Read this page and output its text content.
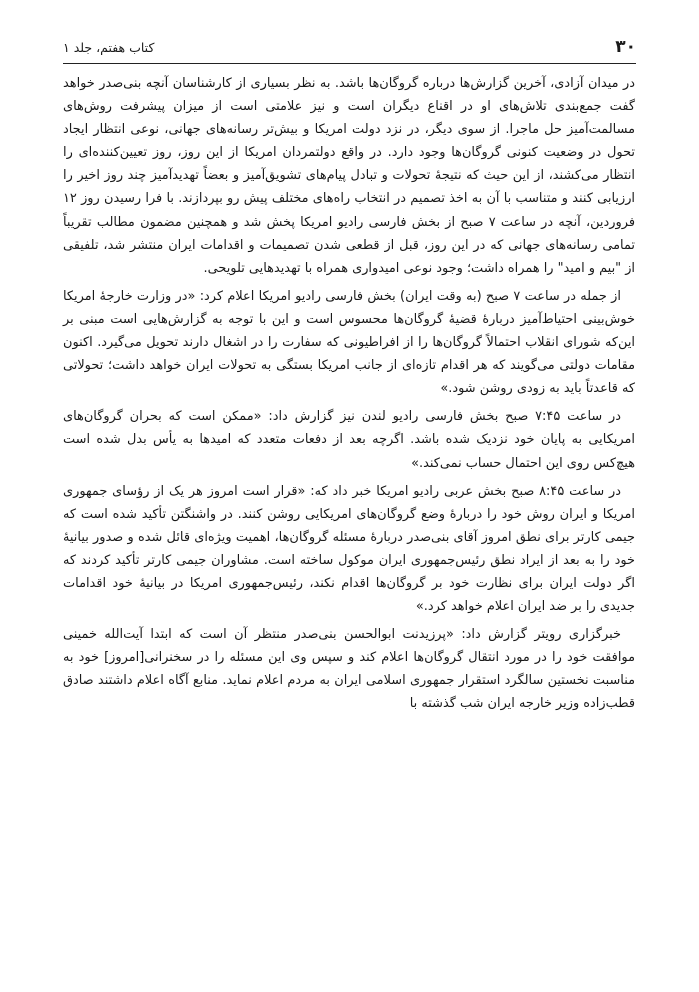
۳۰
کتاب هفتم، جلد ۱

در میدان آزادی، آخرین گزارش‌ها درباره گروگان‌ها باشد. به نظر بسیاری از کارشناسان آنچه بنی‌صدر خواهد گفت جمع‌بندی تلاش‌های او در اقناع دیگران است و نیز علامتی است از میزان پیشرفت روش‌های مسالمت‌آمیز حل ماجرا. از سوی دیگر، در نزد دولت امریکا و بیش‌تر رسانه‌های جهانی، نوعی انتظار ایجاد تحول در وضعیت کنونی گروگان‌ها وجود دارد. در واقع دولتمردان امریکا از این روز، روز تعیین‌کننده‌ای را انتظار می‌کشند، از این حیث که نتیجهٔ تحولات و تبادل پیام‌های تشویق‌آمیز و بعضاً تهدیدآمیز چند روز اخیر را ارزیابی کنند و متناسب با آن به اخذ تصمیم در انتخاب راه‌های مختلف پیش رو بپردازند. با فرا رسیدن روز ۱۲ فروردین، آنچه در ساعت ۷ صبح از بخش فارسی رادیو امریکا پخش شد و همچنین مضمون مطالب تقریباً تمامی رسانه‌های جهانی که در این روز، قبل از قطعی شدن تصمیمات و اقدامات ایران منتشر شد، تلفیقی از "بیم و امید" را همراه داشت؛ وجود نوعی امیدواری همراه با تهدیدهایی تلویحی.

از جمله در ساعت ۷ صبح (به وقت ایران) بخش فارسی رادیو امریکا اعلام کرد: «در وزارت خارجهٔ امریکا خوش‌بینی احتیاط‌آمیز دربارهٔ قضیهٔ گروگان‌ها محسوس است و این با توجه به گزارش‌هایی است مبنی بر این‌که شورای انقلاب احتمالاً گروگان‌ها را از افراطیونی که سفارت را در اشغال دارند تحویل می‌گیرد. اکنون مقامات دولتی می‌گویند که هر اقدام تازه‌ای از جانب امریکا بستگی به تحولات ایران خواهد داشت؛ تحولاتی که قاعدتاً باید به زودی روشن شود.»

در ساعت ۷:۴۵ صبح بخش فارسی رادیو لندن نیز گزارش داد: «ممکن است که بحران گروگان‌های امریکایی به پایان خود نزدیک شده باشد. اگرچه بعد از دفعات متعدد که امیدها به یأس بدل شده است هیچ‌کس روی این احتمال حساب نمی‌کند.»

در ساعت ۸:۴۵ صبح بخش عربی رادیو امریکا خبر داد که: «قرار است امروز هر یک از رؤسای جمهوری امریکا و ایران روش خود را دربارهٔ وضع گروگان‌های امریکایی روشن کنند. در واشنگتن تأکید شده است که جیمی کارتر برای نطق امروز آقای بنی‌صدر دربارهٔ مسئله گروگان‌ها، اهمیت ویژه‌ای قائل شده و صدور بیانیهٔ خود را به بعد از ایراد نطق رئیس‌جمهوری ایران موکول ساخته است. مشاوران جیمی کارتر تأکید کردند که اگر دولت ایران برای نظارت خود بر گروگان‌ها اقدام نکند، رئیس‌جمهوری امریکا در بیانیهٔ خود اقدامات جدیدی را بر ضد ایران اعلام خواهد کرد.»

خبرگزاری رویتر گزارش داد: «پرزیدنت ابوالحسن بنی‌صدر منتظر آن است که ابتدا آیت‌الله خمینی موافقت خود را در مورد انتقال گروگان‌ها اعلام کند و سپس وی این مسئله را در سخنرانی‌[امروز] خود به مناسبت نخستین سالگرد استقرار جمهوری اسلامی ایران به مردم اعلام نماید. منابع آگاه اعلام داشتند صادق قطب‌زاده وزیر خارجه ایران شب گذشته با
